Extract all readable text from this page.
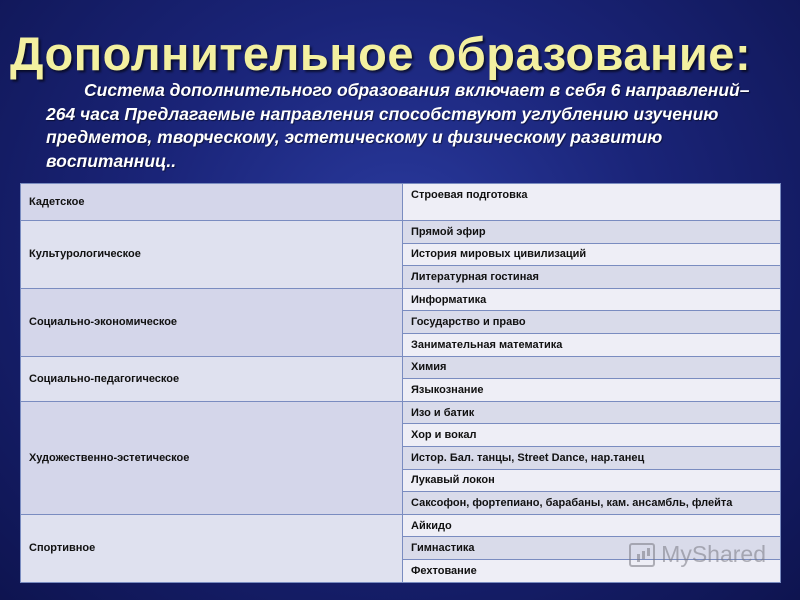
Дополнительное образование:

Система дополнительного образования включает в себя 6 направлений– 264 часа Предлагаемые направления способствуют углублению изучению предметов, творческому, эстетическому и физическому развитию воспитанниц..

Кадетское	Строевая подготовка
Культурологическое	Прямой эфир
	История мировых цивилизаций
	Литературная гостиная
Социально-экономическое	Информатика
	Государство и право
	Занимательная математика
Социально-педагогическое	Химия
	Языкознание
Художественно-эстетическое	Изо и батик
	Хор и вокал
	Истор. Бал. танцы, Street Dance, нар.танец
	Лукавый локон
	Саксофон, фортепиано, барабаны, кам. ансамбль, флейта
Спортивное	Айкидо
	Гимнастика
	Фехтование
MyShared
